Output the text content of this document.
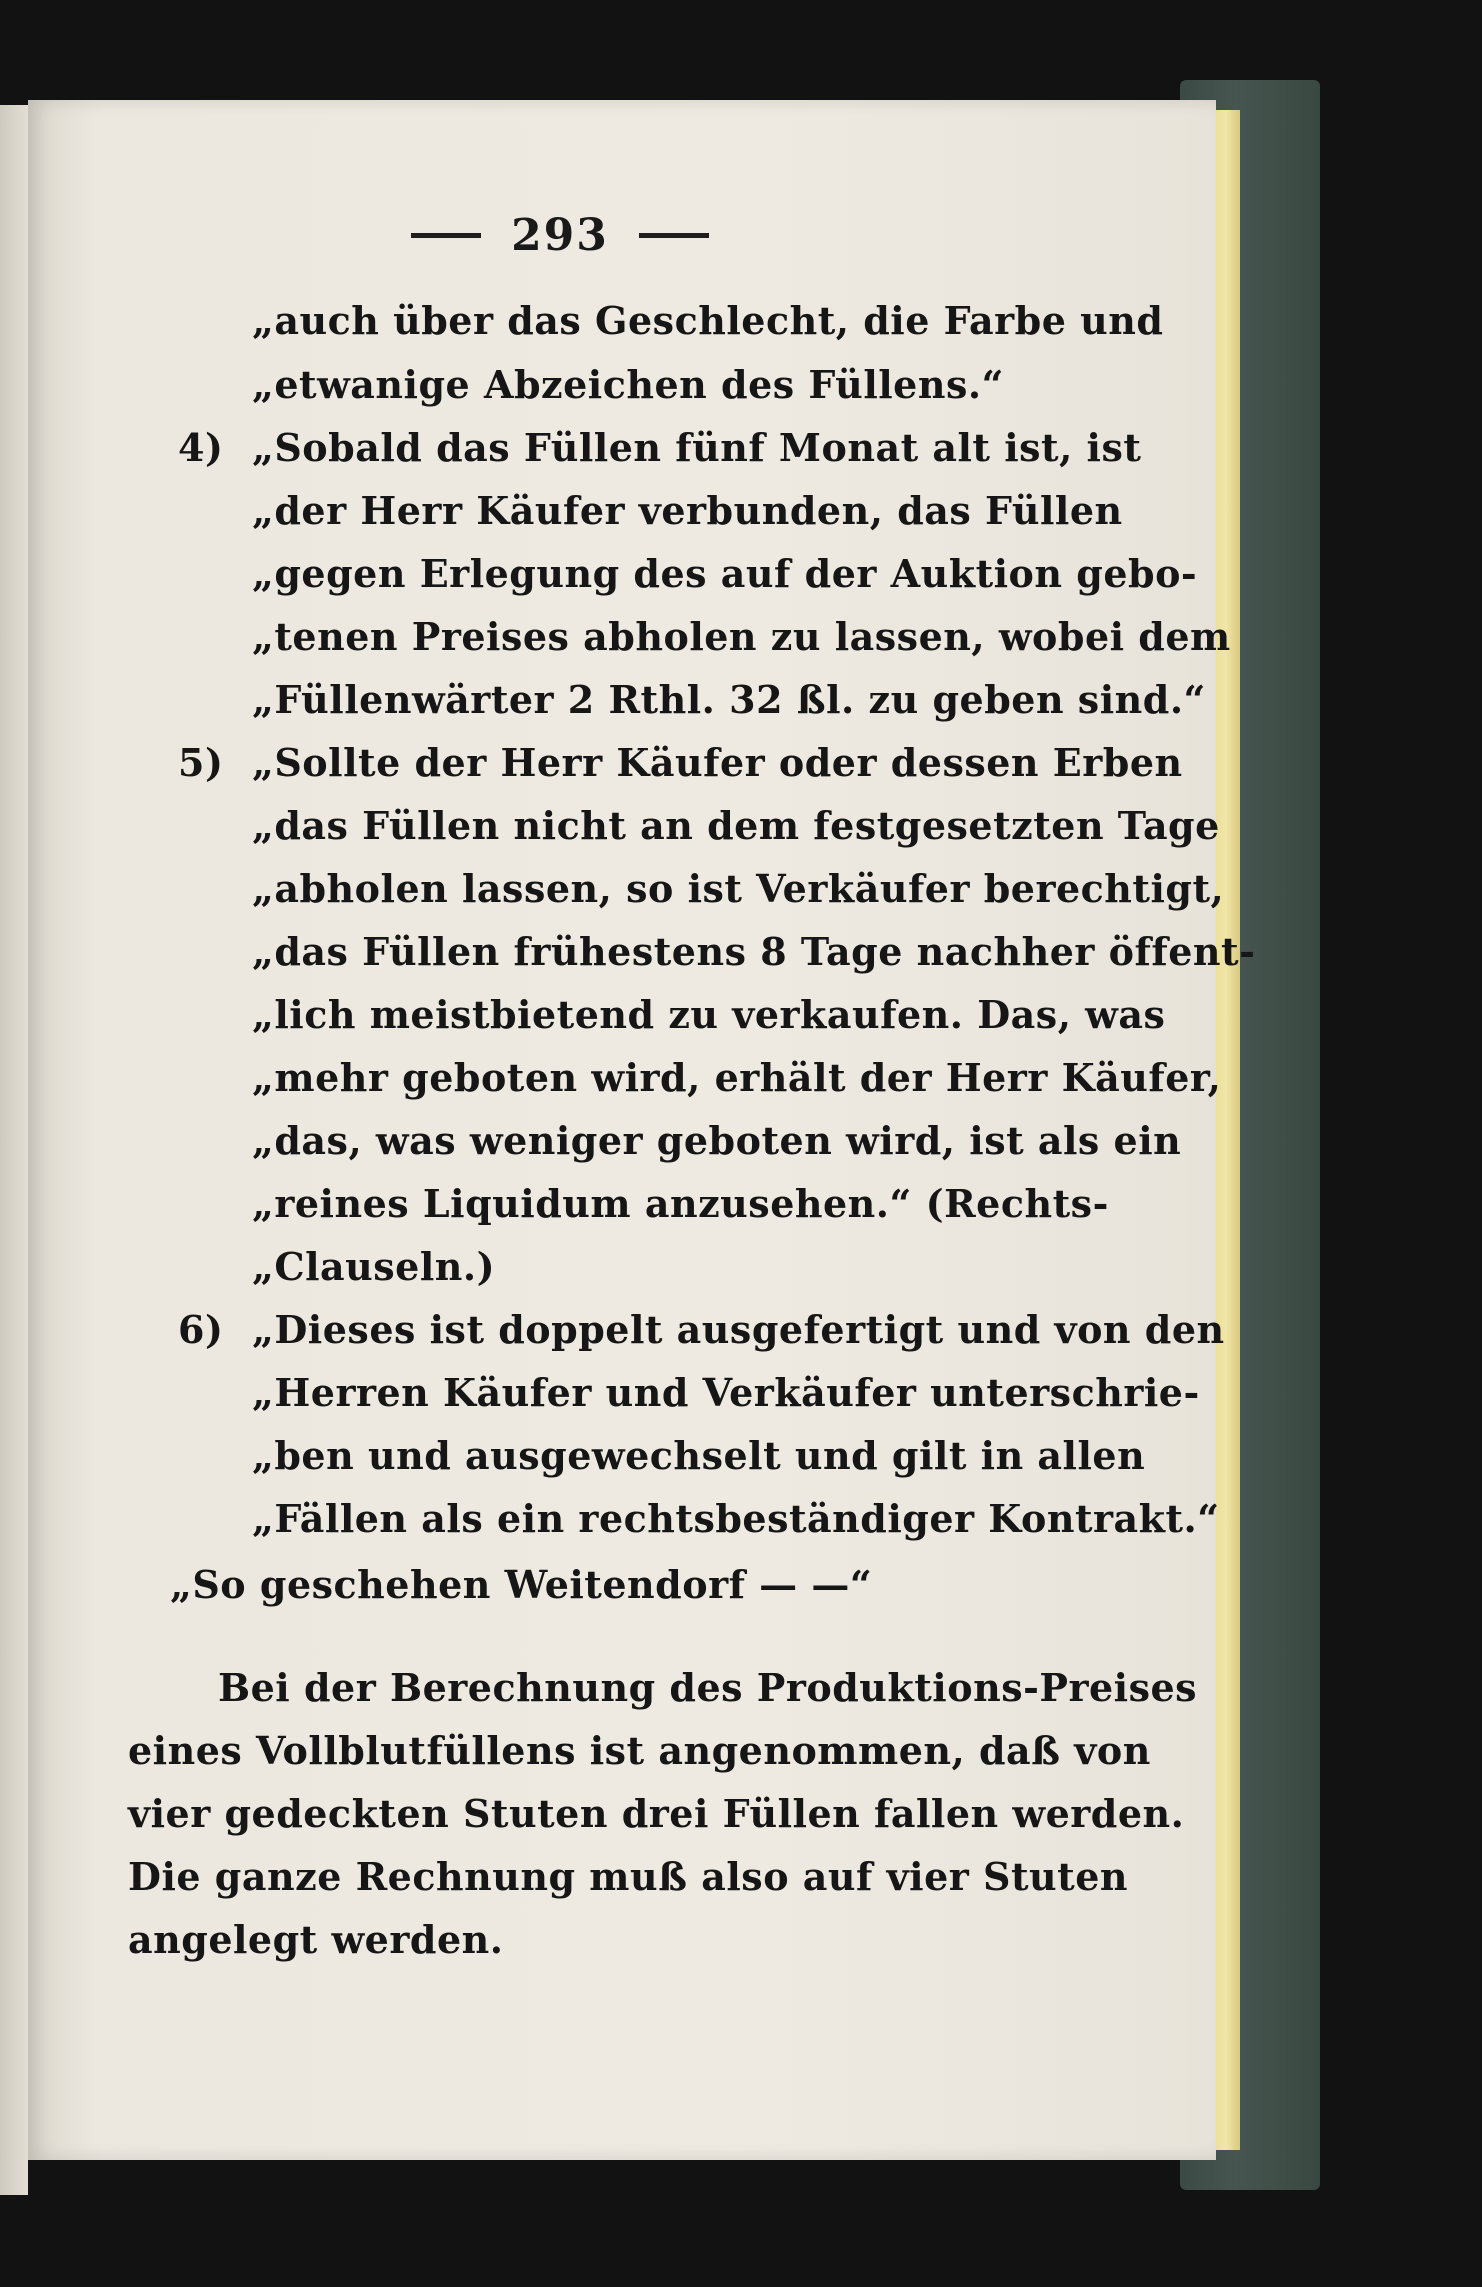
293
„auch über das Geschlecht, die Farbe und
„etwanige Abzeichen des Füllens.“
4) „Sobald das Füllen fünf Monat alt ist, ist
„der Herr Käufer verbunden, das Füllen
„gegen Erlegung des auf der Auktion gebo-
„tenen Preises abholen zu lassen, wobei dem
„Füllenwärter 2 Rthl. 32 ßl. zu geben sind.“
5) „Sollte der Herr Käufer oder dessen Erben
„das Füllen nicht an dem festgesetzten Tage
„abholen lassen, so ist Verkäufer berechtigt,
„das Füllen frühestens 8 Tage nachher öffent-
„lich meistbietend zu verkaufen. Das, was
„mehr geboten wird, erhält der Herr Käufer,
„das, was weniger geboten wird, ist als ein
„reines Liquidum anzusehen.“ (Rechts-
„Clauseln.)
6) „Dieses ist doppelt ausgefertigt und von den
„Herren Käufer und Verkäufer unterschrie-
„ben und ausgewechselt und gilt in allen
„Fällen als ein rechtsbeständiger Kontrakt.“
„So geschehen Weitendorf — —“
Bei der Berechnung des Produktions-Preises
eines Vollblutfüllens ist angenommen, daß von
vier gedeckten Stuten drei Füllen fallen werden.
Die ganze Rechnung muß also auf vier Stuten
angelegt werden.
